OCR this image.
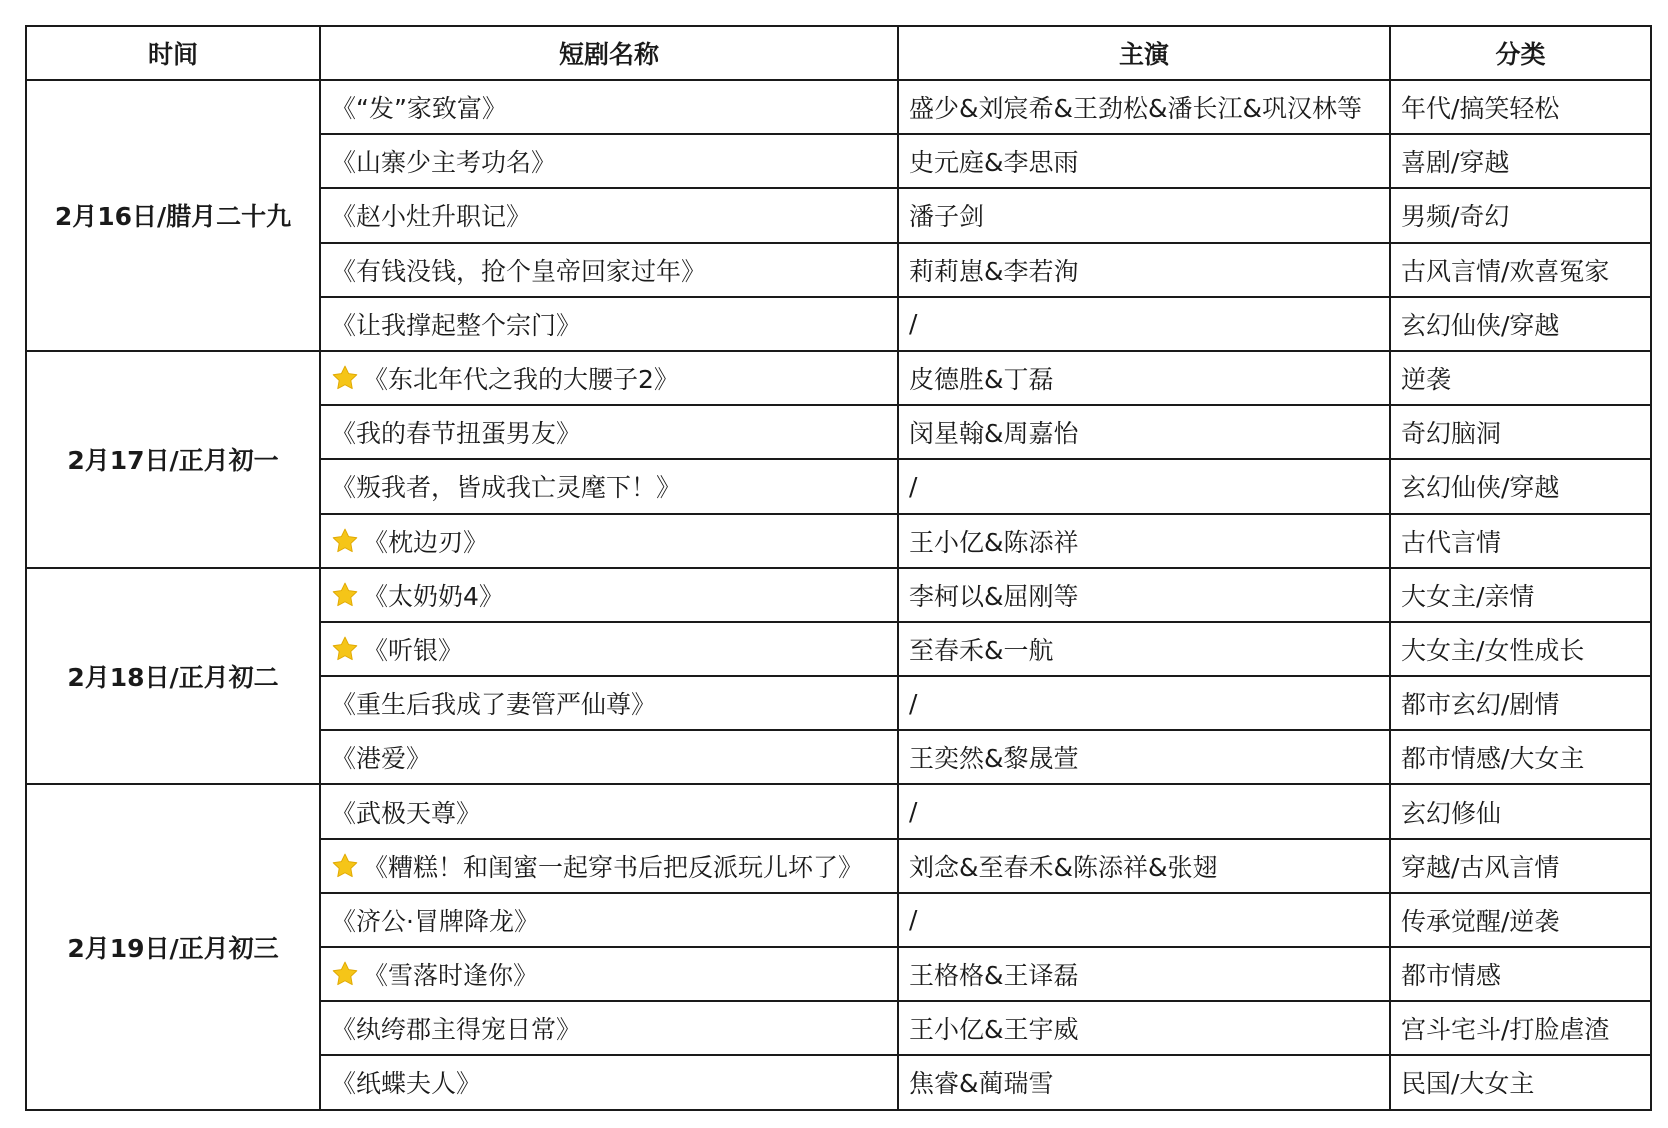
时间	短剧名称	主演	分类
2月16日/腊月二十九	《“发”家致富》	盛少&刘宸希&王劲松&潘长江&巩汉林等	年代/搞笑轻松
	《山寨少主考功名》	史元庭&李思雨	喜剧/穿越
	《赵小灶升职记》	潘子剑	男频/奇幻
	《有钱没钱，抢个皇帝回家过年》	莉莉崽&李若洵	古风言情/欢喜冤家
	《让我撑起整个宗门》	/	玄幻仙侠/穿越
2月17日/正月初一	《东北年代之我的大腰子2》	皮德胜&丁磊	逆袭
	《我的春节扭蛋男友》	闵星翰&周嘉怡	奇幻脑洞
	《叛我者，皆成我亡灵麾下！》	/	玄幻仙侠/穿越
	《枕边刃》	王小亿&陈添祥	古代言情
2月18日/正月初二	《太奶奶4》	李柯以&屈刚等	大女主/亲情
	《听银》	至春禾&一航	大女主/女性成长
	《重生后我成了妻管严仙尊》	/	都市玄幻/剧情
	《港爱》	王奕然&黎晟萱	都市情感/大女主
2月19日/正月初三	《武极天尊》	/	玄幻修仙
	《糟糕！和闺蜜一起穿书后把反派玩儿坏了》	刘念&至春禾&陈添祥&张翅	穿越/古风言情
	《济公·冒牌降龙》	/	传承觉醒/逆袭
	《雪落时逢你》	王格格&王译磊	都市情感
	《纨绔郡主得宠日常》	王小亿&王宇威	宫斗宅斗/打脸虐渣
	《纸蝶夫人》	焦睿&蔺瑞雪	民国/大女主
